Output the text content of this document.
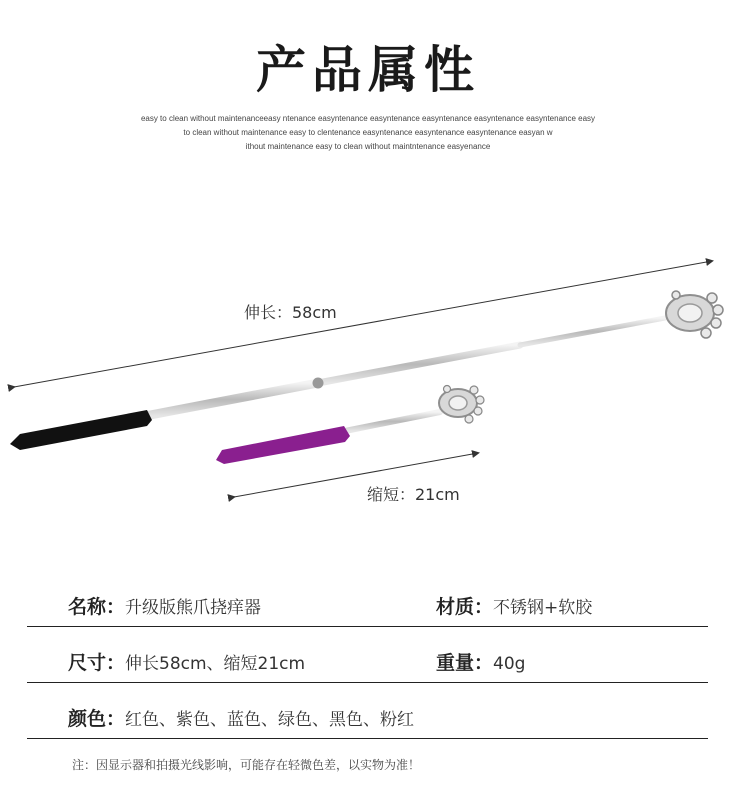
产品属性
easy to clean without maintenanceeasy ntenance easyntenance easyntenance easyntenance easyntenance easyntenance easy
to clean without maintenance easy to clentenance easyntenance easyntenance easyntenance easyan w
ithout maintenance easy to clean without maintntenance easyenance
伸长：58cm
缩短：21cm
名称：升级版熊爪挠痒器	材质：不锈钢+软胶
尺寸：伸长58cm、缩短21cm	重量：40g
颜色：红色、紫色、蓝色、绿色、黑色、粉红
注：因显示器和拍摄光线影响，可能存在轻微色差，以实物为准！
